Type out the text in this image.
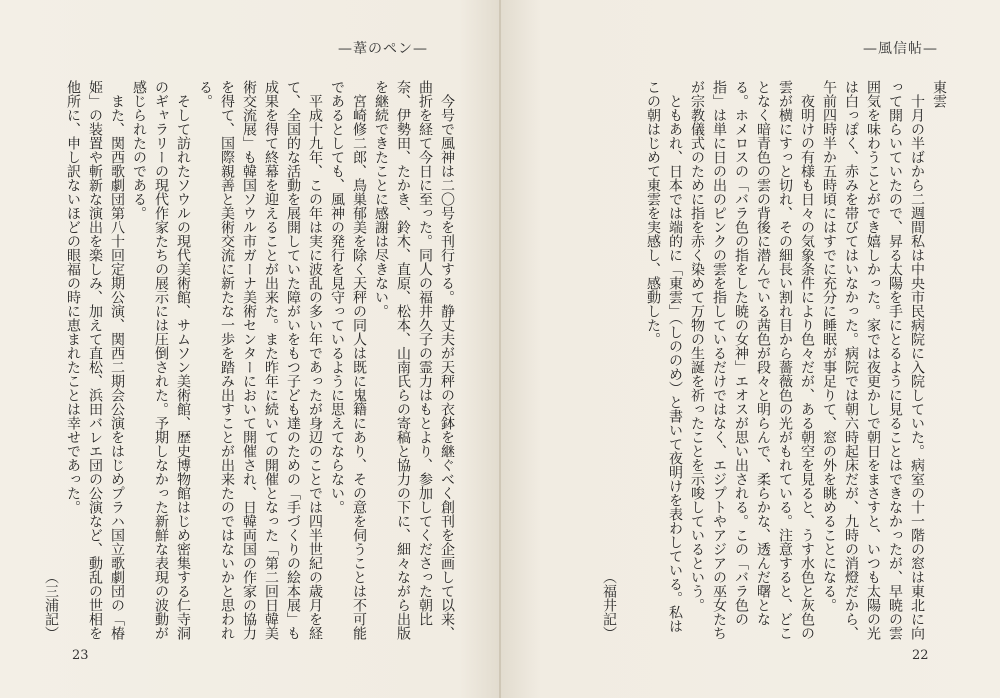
—葦のペン—	—風信帖—

東雲

十月の半ばから二週間私は中央市民病院に入院していた。病室の十一階の窓は東北に向って開らいていたので、昇る太陽を手にとるように見ることはできなかったが、早暁の雲囲気を味わうことができ嬉しかった。家では夜更かしで朝日をまさすと、いつも太陽の光は白っぽく、赤みを帯びてはいなかった。病院では朝六時起床だが、九時の消燈だから、午前四時半か五時頃にはすでに充分に睡眠が事足りて、窓の外を眺めることになる。

夜明けの有様も日々の気象条件により色々だが、ある朝空を見ると、うす水色と灰色の雲が横にすっと切れ、その細長い割れ目から薔薇色の光がもれている。注意すると、どことなく暗青色の雲の背後に潜んでいる茜色が段々と明らんで、柔らかな、透んだ曙となる。ホメロスの「バラ色の指をした暁の女神」エオスが思い出される。この「バラ色の指」は単に日の出のピンクの雲を指しているだけではなく、エジプトやアジアの巫女たちが宗教儀式のために指を赤く染めて万物の生誕を祈ったことを示唆しているという。

ともあれ、日本では端的に「東雲」（しののめ）と書いて夜明けを表わしている。私はこの朝はじめて東雲を実感し、感動した。

（福井記）

今号で風神は二〇号を刊行する。静丈夫が天秤の衣鉢を継ぐべく創刊を企画して以来、曲折を経て今日に至った。同人の福井久子の霊力はもとより、参加してくださった朝比奈、伊勢田、たかき、鈴木、直原、松本、山南氏らの寄稿と協力の下に、細々ながら出版を継続できたことに感謝は尽きない。

宮崎修二郎、鳥巣郁美を除く天秤の同人は既に鬼籍にあり、その意を伺うことは不可能であるとしても、風神の発行を見守っているように思えてならない。

平成十九年、この年は実に波乱の多い年であったが身辺のことでは四半世紀の歳月を経て、全国的な活動を展開していた障がいをもつ子ども達のための「手づくりの絵本展」も成果を得て終幕を迎えることが出来た。また昨年に続いての開催となった「第二回日韓美術交流展」も韓国ソウル市ガーナ美術センターにおいて開催され、日韓両国の作家の協力を得て、国際親善と美術交流に新たな一歩を踏み出すことが出来たのではないかと思われる。

そして訪れたソウルの現代美術館、サムソン美術館、歴史博物館はじめ密集する仁寺洞のギャラリーの現代作家たちの展示には圧倒された。予期しなかった新鮮な表現の波動が感じられたのである。

また、関西歌劇団第八十回定期公演、関西二期会公演をはじめプラハ国立歌劇団の「椿姫」の装置や斬新な演出を楽しみ、加えて直松、浜田バレエ団の公演など、動乱の世相を他所に、申し訳ないほどの眼福の時に恵まれたことは幸せであった。

（三浦記）

23	22
